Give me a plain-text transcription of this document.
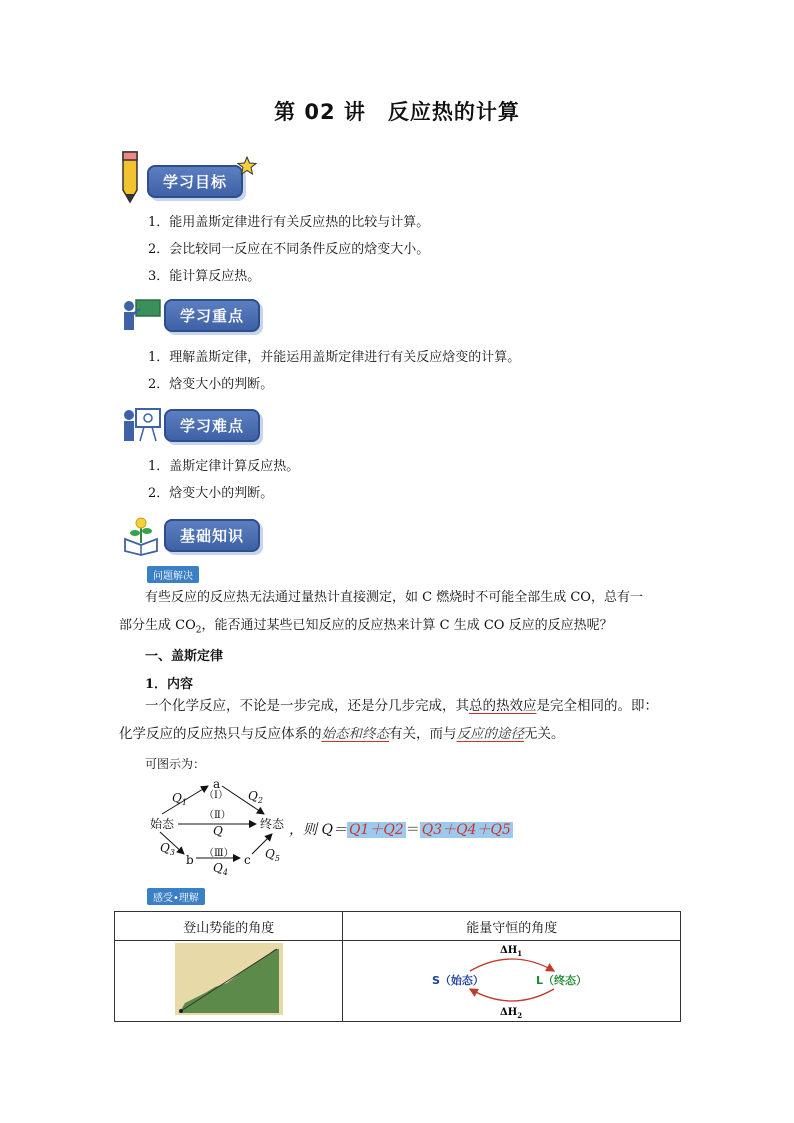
第 02 讲　反应热的计算
学习目标
1．能用盖斯定律进行有关反应热的比较与计算。
2．会比较同一反应在不同条件反应的焓变大小。
3．能计算反应热。
学习重点
1．理解盖斯定律，并能运用盖斯定律进行有关反应焓变的计算。
2．焓变大小的判断。
学习难点
1．盖斯定律计算反应热。
2．焓变大小的判断。
基础知识
问题解决
有些反应的反应热无法通过量热计直接测定，如 C 燃烧时不可能全部生成 CO，总有一
部分生成 $CO_2$，能否通过某些已知反应的反应热来计算 C 生成 CO 反应的反应热呢？
一、盖斯定律
1．内容
一个化学反应，不论是一步完成，还是分几步完成，其总的热效应是完全相同的。即：
化学反应的反应热只与反应体系的始态和终态有关，而与反应的途径无关。
可图示为：
始态	终态
a
b	c
（Ⅰ）
（Ⅱ）
（Ⅲ）
Q
$Q_1$	$Q_2$
$Q_3$
$Q_4$
$Q_5$
，则 Q＝ Q1＋Q2 ＝ Q3＋Q4＋Q5
感受•理解
登山势能的角度	能量守恒的角度

$\Delta H_1$
$\Delta H_2$
S（始态） L（终态）
